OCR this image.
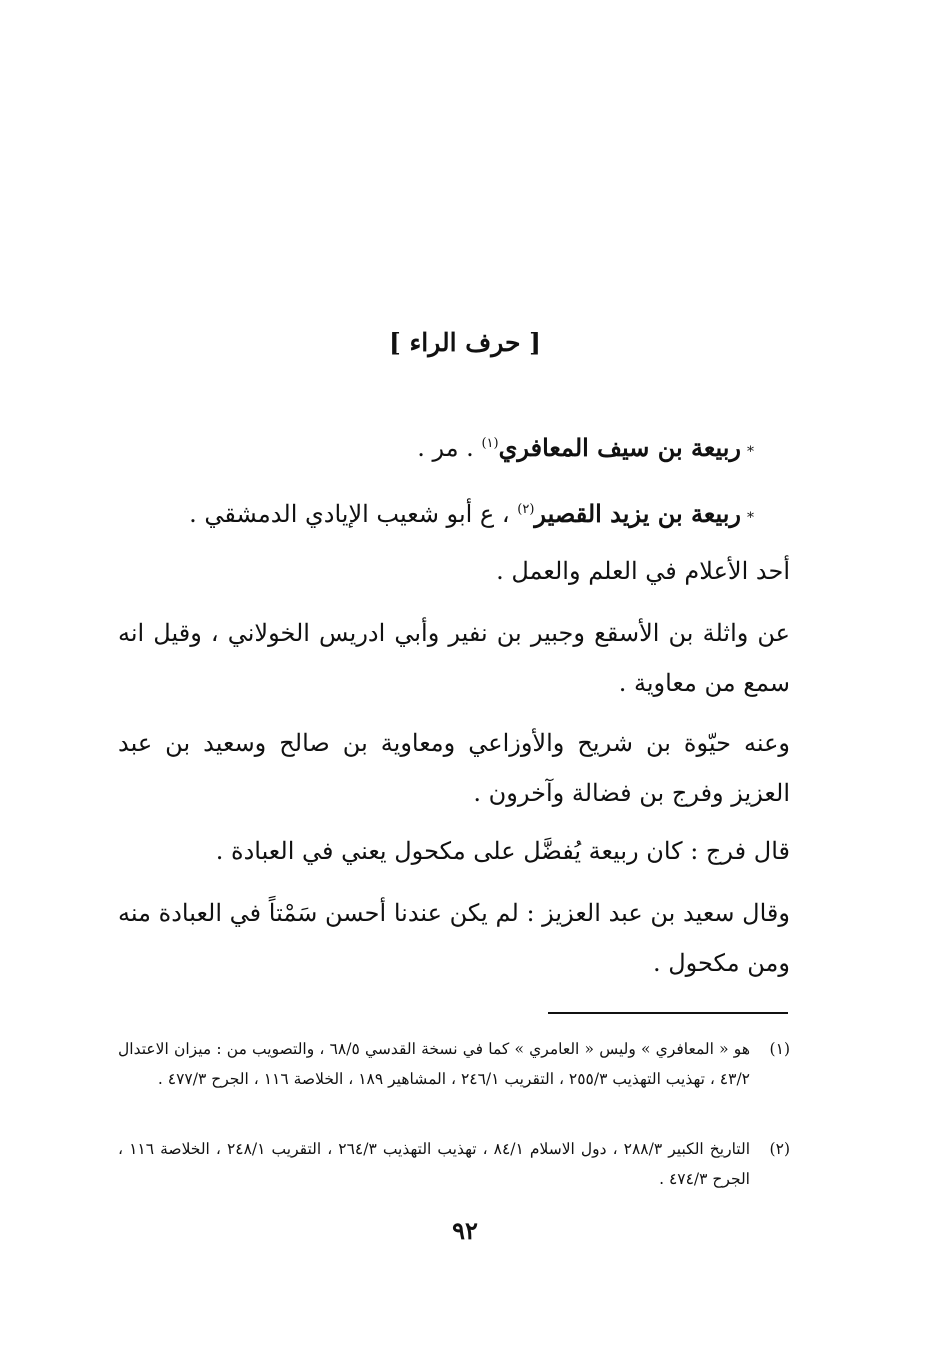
[ حرف الراء ]
*ربيعة بن سيف المعافري$^{(١)}$ . مر .
*ربيعة بن يزيد القصير$^{(٢)}$ ، ع أبو شعيب الإيادي الدمشقي .

أحد الأعلام في العلم والعمل .

عن واثلة بن الأسقع وجبير بن نفير وأبي ادريس الخولاني ، وقيل انه سمع من معاوية .

وعنه حيّوة بن شريح والأوزاعي ومعاوية بن صالح وسعيد بن عبد العزيز وفرج بن فضالة وآخرون .

قال فرج : كان ربيعة يُفضَّل على مكحول يعني في العبادة .

وقال سعيد بن عبد العزيز : لم يكن عندنا أحسن سَمْتاً في العبادة منه ومن مكحول .

(١)
هو « المعافري » وليس « العامري » كما في نسخة القدسي ٦٨/٥ ، والتصويب من : ميزان الاعتدال ٤٣/٢ ، تهذيب التهذيب ٢٥٥/٣ ، التقريب ٢٤٦/١ ، المشاهير ١٨٩ ، الخلاصة ١١٦ ، الجرح ٤٧٧/٣ .
(٢)
التاريخ الكبير ٢٨٨/٣ ، دول الاسلام ٨٤/١ ، تهذيب التهذيب ٢٦٤/٣ ، التقريب ٢٤٨/١ ، الخلاصة ١١٦ ، الجرح ٤٧٤/٣ .
٩٢
